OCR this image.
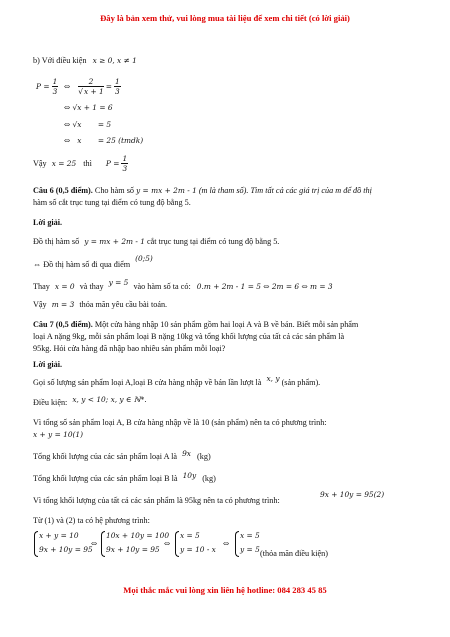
Đây là bản xem thử, vui lòng mua tài liệu để xem chi tiết (có lời giải)
b) Với điều kiện x ≥ 0, x ≠ 1
$P = \frac{1}{3}$ ⇔ $\frac{2}{√x + 1} = \frac{1}{3}$
⇔ √x + 1 = 6
⇔ √x       = 5
⇔   x       = 25 (tmdk)
Vậy x = 25 thì $P = \frac{1}{3}$
Câu 6 (0,5 điểm). Cho hàm số y = mx + 2m - 1 (m là tham số). Tìm tất cả các giá trị của m để đồ thị
hàm số cắt trục tung tại điểm có tung độ bằng 5.
Lời giải.
Đồ thị hàm số y = mx + 2m - 1 cắt trục tung tại điểm có tung độ bằng 5.
⇔ Đồ thị hàm số đi qua điểm (0;5)
Thay x = 0 và thay y = 5 vào hàm số ta có: 0.m + 2m - 1 = 5 ⇔ 2m = 6 ⇔ m = 3
Vậy m = 3 thỏa mãn yêu cầu bài toán.
Câu 7 (0,5 điểm). Một cửa hàng nhập 10 sản phẩm gồm hai loại A và B về bán. Biết mỗi sản phẩm
loại A nặng 9kg, mỗi sản phẩm loại B nặng 10kg và tổng khối lượng của tất cả các sản phẩm là
95kg. Hỏi cửa hàng đã nhập bao nhiêu sản phẩm mỗi loại?
Lời giải.
Gọi số lượng sản phẩm loại A,loại B cửa hàng nhập về bán lần lượt là x, y (sản phẩm).
Điều kiện: x, y < 10; x, y ∈ ℕ*.
Vì tổng số sản phẩm loại A, B cửa hàng nhập về là 10 (sản phẩm) nên ta có phương trình:
x + y = 10(1)
Tổng khối lượng của các sản phẩm loại A là 9x (kg)
Tổng khối lượng của các sản phẩm loại B là 10y (kg)
Vì tổng khối lượng của tất cả các sản phẩm là 95kg nên ta có phương trình:
9x + 10y = 95(2)
Từ (1) và (2) ta có hệ phương trình:
x + y = 10
9x + 10y = 95
⇔
10x + 10y = 100
9x + 10y = 95
⇔
x = 5
y = 10 - x
⇔
x = 5
y = 5 (thỏa mãn điều kiện)
Mọi thắc mắc vui lòng xin liên hệ hotline: 084 283 45 85
